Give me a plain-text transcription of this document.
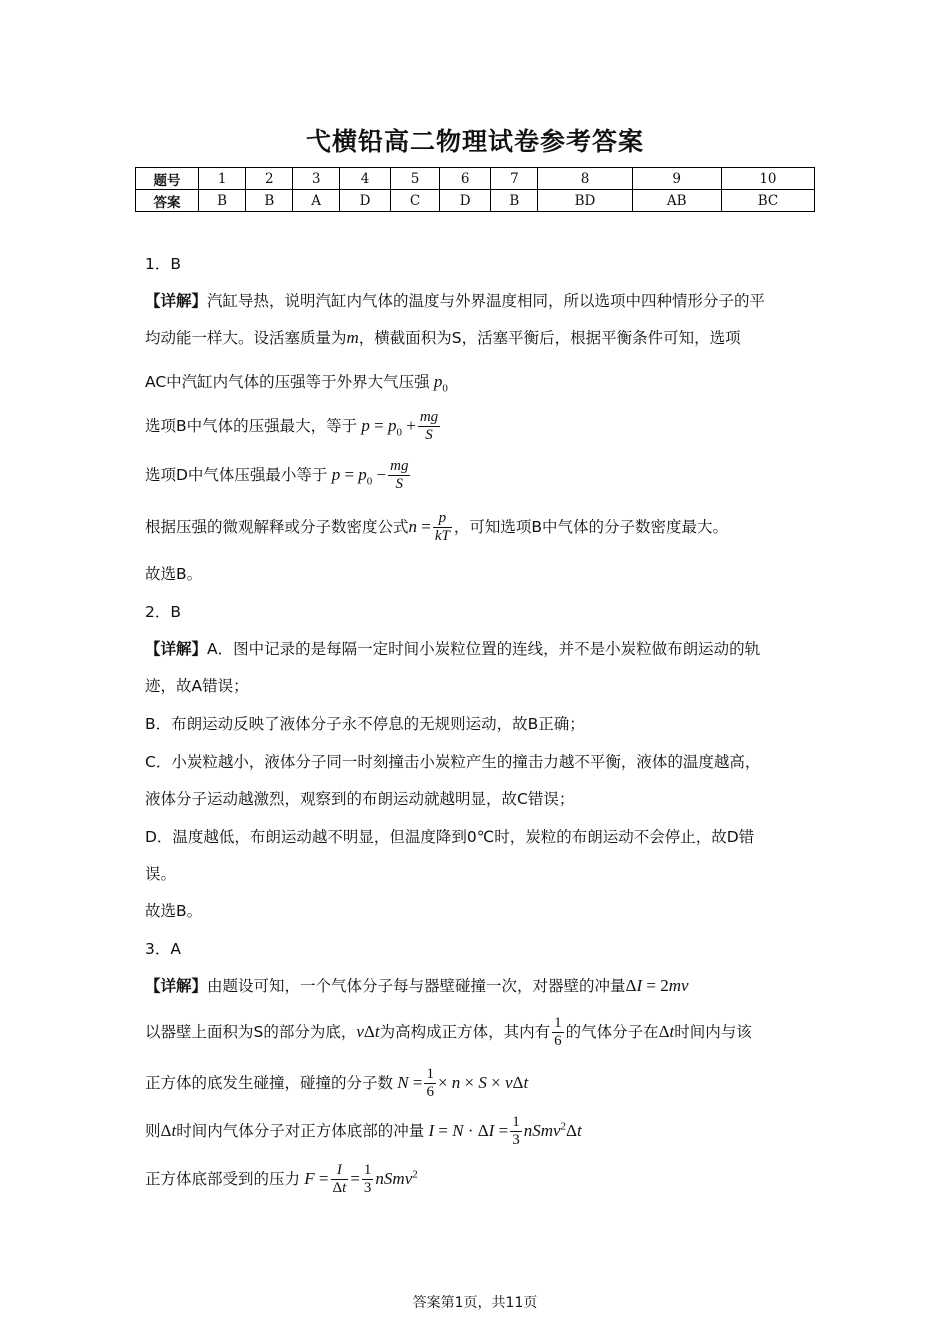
弋横铅高二物理试卷参考答案
题号	1	2	3	4	5	6	7	8	9	10
答案	B	B	A	D	C	D	B	BD	AB	BC
1．B
【详解】汽缸导热，说明汽缸内气体的温度与外界温度相同，所以选项中四种情形分子的平
均动能一样大。设活塞质量为m，横截面积为S，活塞平衡后，根据平衡条件可知，选项
AC中汽缸内气体的压强等于外界大气压强 $p_0$
选项B中气体的压强最大，等于 $p = p_0 + \frac{mg}{S}$
选项D中气体压强最小等于 $p = p_0 - \frac{mg}{S}$
根据压强的微观解释或分子数密度公式$n = \frac{p}{kT}$ ，可知选项B中气体的分子数密度最大。
故选B。
2．B
【详解】A．图中记录的是每隔一定时间小炭粒位置的连线，并不是小炭粒做布朗运动的轨
迹，故A错误；
B．布朗运动反映了液体分子永不停息的无规则运动，故B正确；
C．小炭粒越小，液体分子同一时刻撞击小炭粒产生的撞击力越不平衡，液体的温度越高，
液体分子运动越激烈，观察到的布朗运动就越明显，故C错误；
D．温度越低，布朗运动越不明显，但温度降到0℃时，炭粒的布朗运动不会停止，故D错
误。
故选B。
3．A
【详解】由题设可知，一个气体分子每与器壁碰撞一次，对器壁的冲量ΔI = 2mv
以器壁上面积为S的部分为底，vΔt为高构成正方体，其内有 $\frac{1}{6}$ 的气体分子在Δt时间内与该
正方体的底发生碰撞，碰撞的分子数 $N = \frac{1}{6} \times n \times S \times v\Delta t$
则Δt时间内气体分子对正方体底部的冲量 $I = N \cdot \Delta I = \frac{1}{3}$ nSmv$^2$Δt
正方体底部受到的压力 $F = \frac{I}{\Delta t} = \frac{1}{3}$ nSmv$^2$
答案第1页，共11页
